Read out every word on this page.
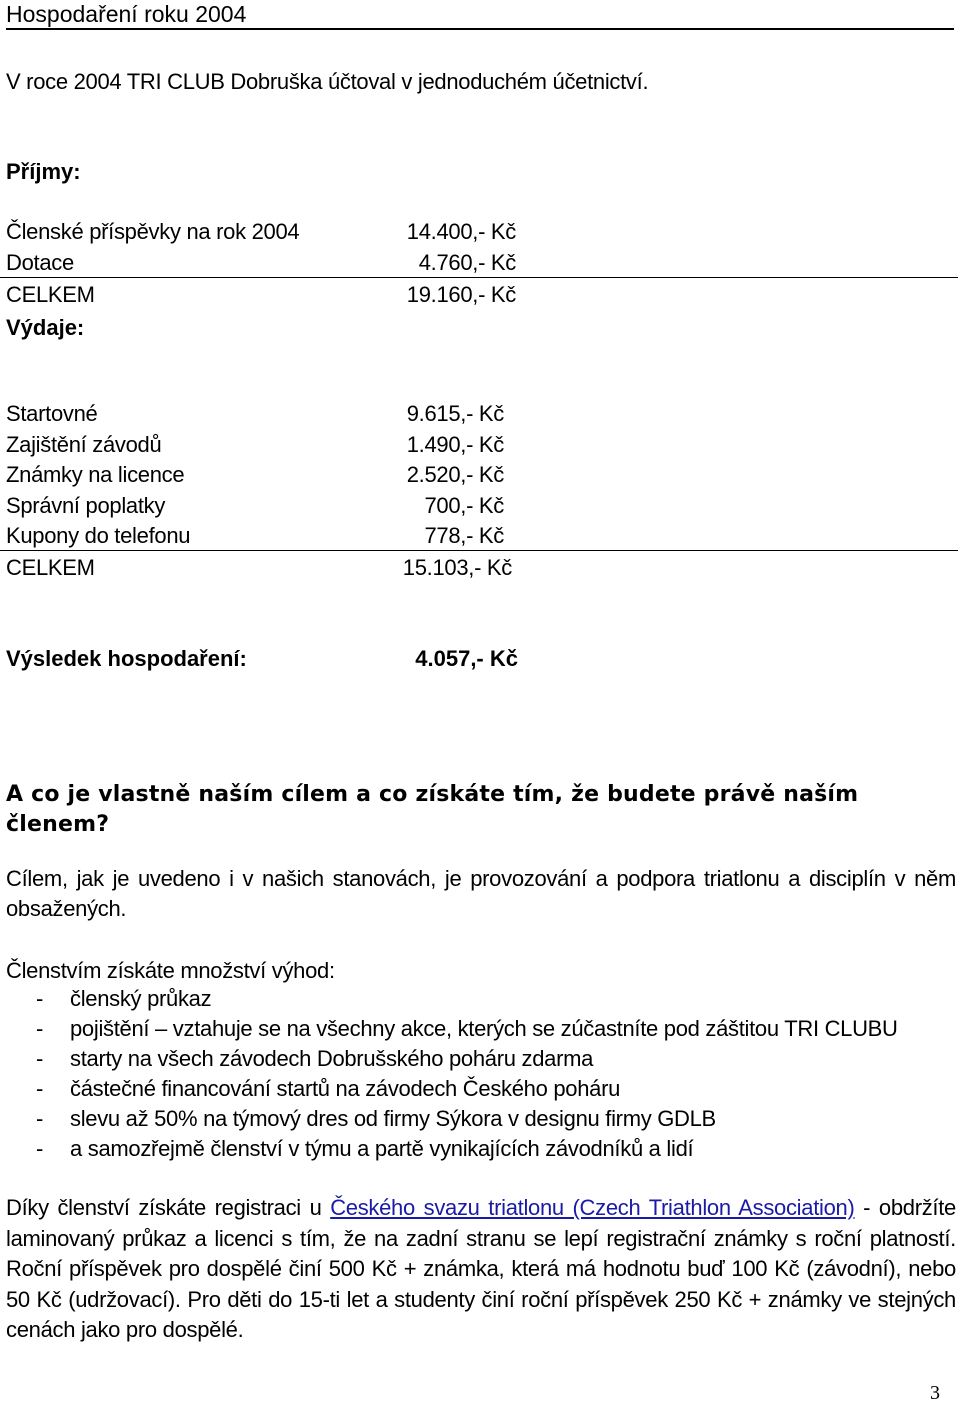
Hospodaření roku 2004
V roce 2004 TRI CLUB Dobruška účtoval v jednoduchém účetnictví.
Příjmy:
Členské příspěvky na rok 2004	14.400,- Kč
Dotace	4.760,- Kč
CELKEM	19.160,- Kč
Výdaje:
Startovné	9.615,- Kč
Zajištění závodů	1.490,- Kč
Známky na licence	2.520,- Kč
Správní poplatky	700,- Kč
Kupony do telefonu	778,- Kč
CELKEM	15.103,- Kč
Výsledek hospodaření:	4.057,- Kč
A co je vlastně naším cílem a co získáte tím, že budete právě naším členem?
Cílem, jak je uvedeno i v našich stanovách, je provozování a podpora triatlonu a disciplín v něm obsažených.
Členstvím získáte množství výhod:
- členský průkaz
- pojištění – vztahuje se na všechny akce, kterých se zúčastníte pod záštitou TRI CLUBU
- starty na všech závodech Dobrušského poháru zdarma
- částečné financování startů na závodech Českého poháru
- slevu až 50% na týmový dres od firmy Sýkora v designu firmy GDLB
- a samozřejmě členství v týmu a partě vynikajících závodníků a lidí
Díky členství získáte registraci u Českého svazu triatlonu (Czech Triathlon Association) - obdržíte laminovaný průkaz a licenci s tím, že na zadní stranu se lepí registrační známky s roční platností. Roční příspěvek pro dospělé činí 500 Kč + známka, která má hodnotu buď 100 Kč (závodní), nebo 50 Kč (udržovací). Pro děti do 15-ti let a studenty činí roční příspěvek 250 Kč + známky ve stejných cenách jako pro dospělé.
3
